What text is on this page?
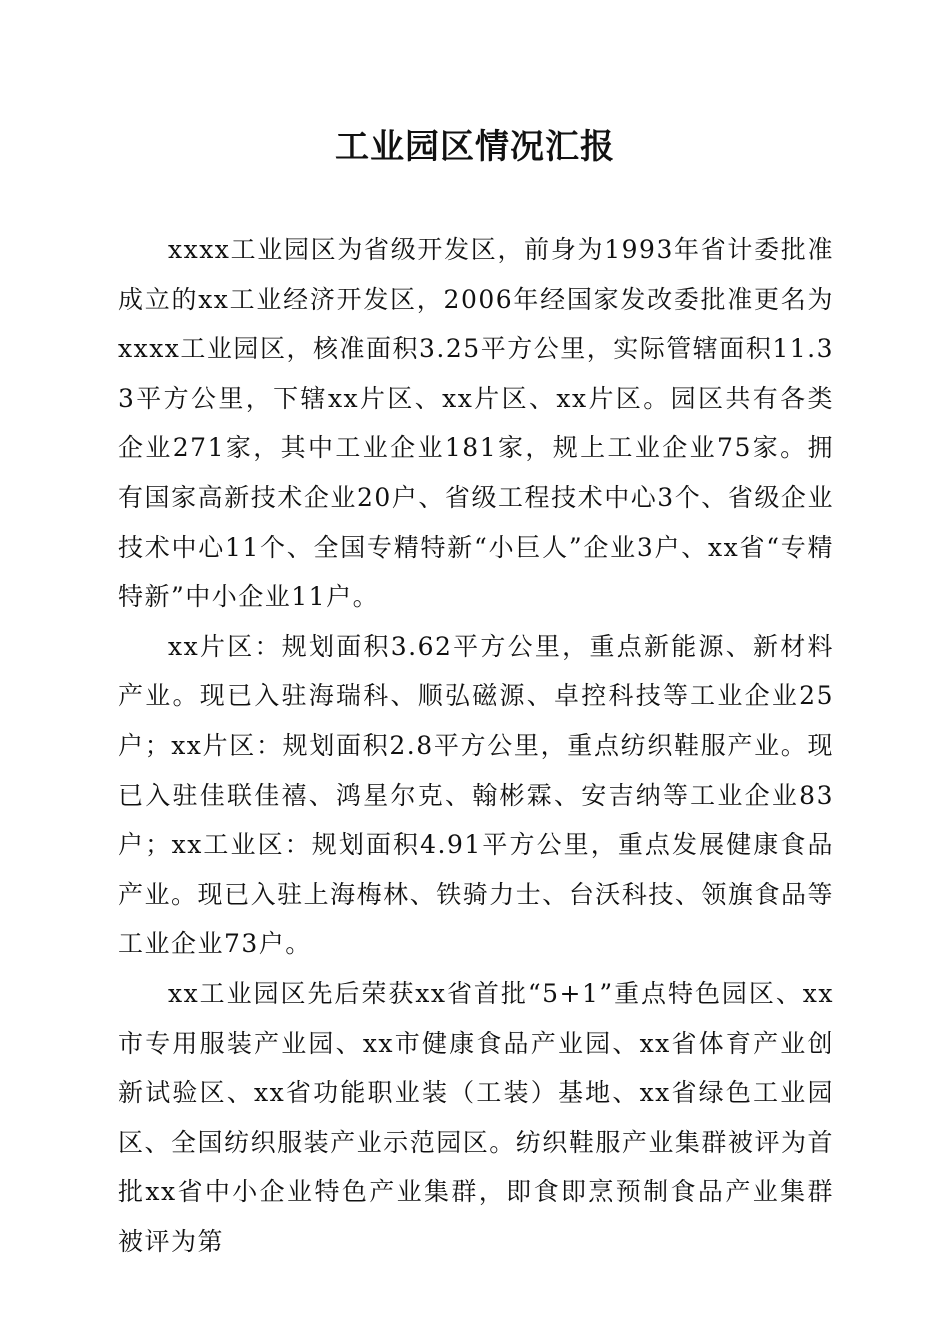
工业园区情况汇报

xxxx工业园区为省级开发区，前身为1993年省计委批准成立的xx工业经济开发区，2006年经国家发改委批准更名为xxxx工业园区，核准面积3.25平方公里，实际管辖面积11.33平方公里，下辖xx片区、xx片区、xx片区。园区共有各类企业271家，其中工业企业181家，规上工业企业75家。拥有国家高新技术企业20户、省级工程技术中心3个、省级企业技术中心11个、全国专精特新“小巨人”企业3户、xx省“专精特新”中小企业11户。

xx片区：规划面积3.62平方公里，重点新能源、新材料产业。现已入驻海瑞科、顺弘磁源、卓控科技等工业企业25户；xx片区：规划面积2.8平方公里，重点纺织鞋服产业。现已入驻佳联佳禧、鸿星尔克、翰彬霖、安吉纳等工业企业83户；xx工业区：规划面积4.91平方公里，重点发展健康食品产业。现已入驻上海梅林、铁骑力士、台沃科技、领旗食品等工业企业73户。

xx工业园区先后荣获xx省首批“5+1”重点特色园区、xx市专用服装产业园、xx市健康食品产业园、xx省体育产业创新试验区、xx省功能职业装（工装）基地、xx省绿色工业园区、全国纺织服装产业示范园区。纺织鞋服产业集群被评为首批xx省中小企业特色产业集群，即食即烹预制食品产业集群被评为第
